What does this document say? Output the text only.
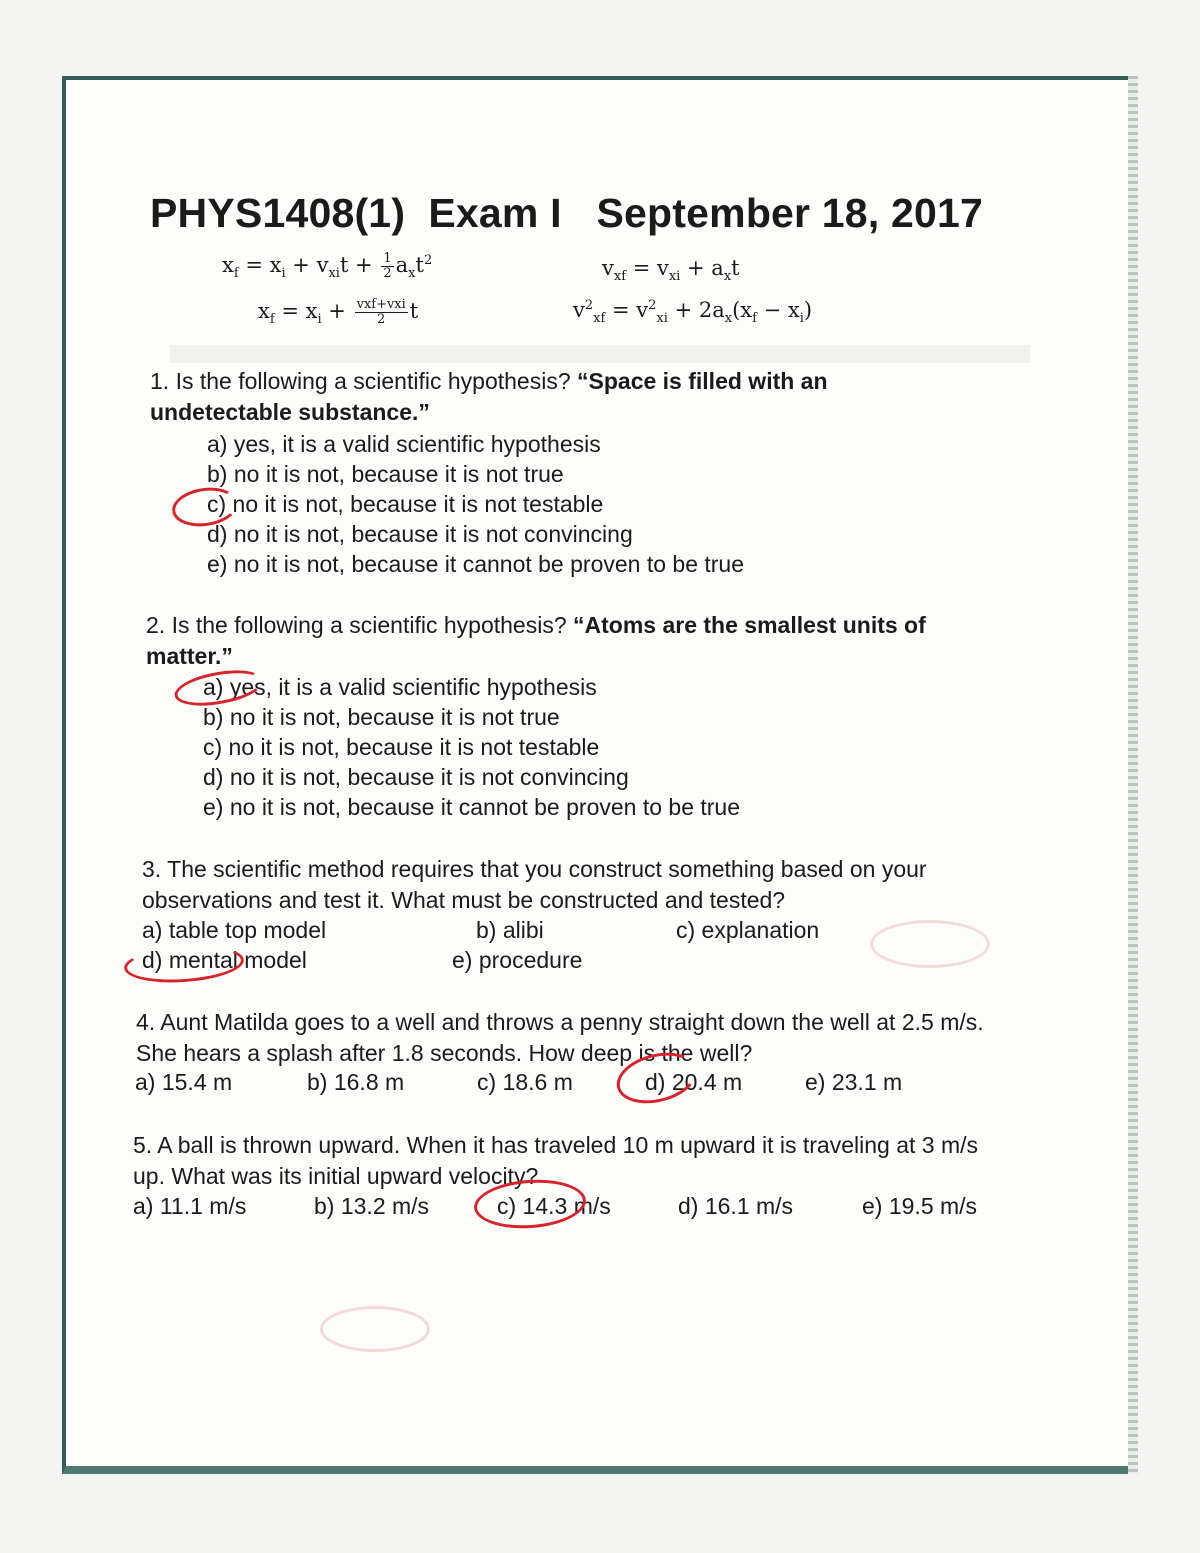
PHYS1408(1)  Exam I   September 18, 2017
$x_f = x_i + v_{xi}t + \frac{1}{2} a_xt^2$	$v_{xf} = v_{xi} + a_xt$
$x_f = x_i + \frac{\text{vxf+vxi}}{2}$ t	$v^2_{xf} = v^2_{xi} + 2a_x(x_f - x_i)$
1. Is the following a scientific hypothesis? “Space is filled with an undetectable substance.”
a) yes, it is a valid scientific hypothesis
b) no it is not, because it is not true
c) no it is not, because it is not testable
d) no it is not, because it is not convincing
e) no it is not, because it cannot be proven to be true
2. Is the following a scientific hypothesis? “Atoms are the smallest units of matter.”
a) yes, it is a valid scientific hypothesis
b) no it is not, because it is not true
c) no it is not, because it is not testable
d) no it is not, because it is not convincing
e) no it is not, because it cannot be proven to be true
3. The scientific method requires that you construct something based on your observations and test it. What must be constructed and tested?
a) table top model	b) alibi	c) explanation
d) mental model	e) procedure
4. Aunt Matilda goes to a well and throws a penny straight down the well at 2.5 m/s. She hears a splash after 1.8 seconds. How deep is the well?
a) 15.4 m	b) 16.8 m	c) 18.6 m	d) 20.4 m	e) 23.1 m
5. A ball is thrown upward. When it has traveled 10 m upward it is traveling at 3 m/s up. What was its initial upward velocity?
a) 11.1 m/s	b) 13.2 m/s	c) 14.3 m/s	d) 16.1 m/s	e) 19.5 m/s
